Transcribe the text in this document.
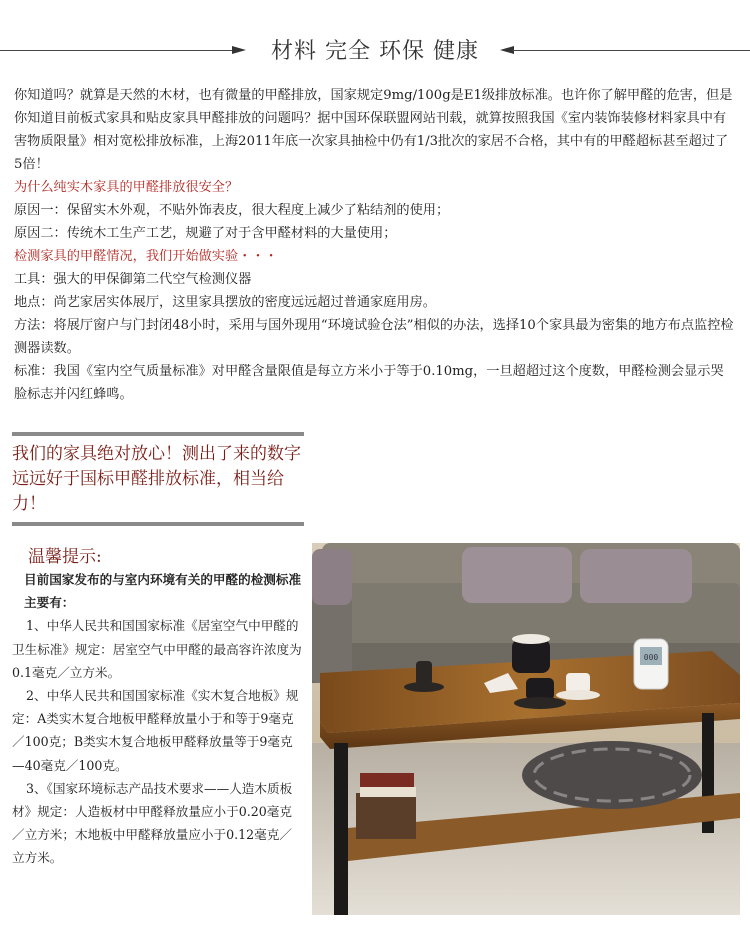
材料 完全 环保 健康

你知道吗？就算是天然的木材，也有微量的甲醛排放，国家规定9mg/100g是E1级排放标准。也许你了解甲醛的危害，但是你知道目前板式家具和贴皮家具甲醛排放的问题吗？据中国环保联盟网站刊载，就算按照我国《室内装饰装修材料家具中有害物质限量》相对宽松排放标准，上海2011年底一次家具抽检中仍有1/3批次的家居不合格，其中有的甲醛超标甚至超过了5倍！

为什么纯实木家具的甲醛排放很安全？

原因一：保留实木外观，不贴外饰表皮，很大程度上减少了粘结剂的使用；

原因二：传统木工生产工艺，规避了对于含甲醛材料的大量使用；

检测家具的甲醛情况，我们开始做实验・・・

工具：强大的甲保御第二代空气检测仪器

地点：尚艺家居实体展厅，这里家具摆放的密度远远超过普通家庭用房。

方法：将展厅窗户与门封闭48小时，采用与国外现用“环境试验仓法”相似的办法，选择10个家具最为密集的地方布点监控检测器读数。

标准：我国《室内空气质量标准》对甲醛含量限值是每立方米小于等于0.10mg，一旦超超过这个度数，甲醛检测会显示哭脸标志并闪红蜂鸣。

我们的家具绝对放心！测出了来的数字远远好于国标甲醛排放标准，相当给力！

温馨提示:

目前国家发布的与室内环境有关的甲醛的检测标准主要有：

1、中华人民共和国国家标准《居室空气中甲醛的卫生标准》规定：居室空气中甲醛的最高容许浓度为0.1毫克／立方米。

2、中华人民共和国国家标准《实木复合地板》规定：A类实木复合地板甲醛释放量小于和等于9毫克／100克；B类实木复合地板甲醛释放量等于9毫克—40毫克／100克。

3、《国家环境标志产品技术要求——人造木质板材》规定：人造板材中甲醛释放量应小于0.20毫克／立方米；木地板中甲醛释放量应小于0.12毫克／立方米。

000
